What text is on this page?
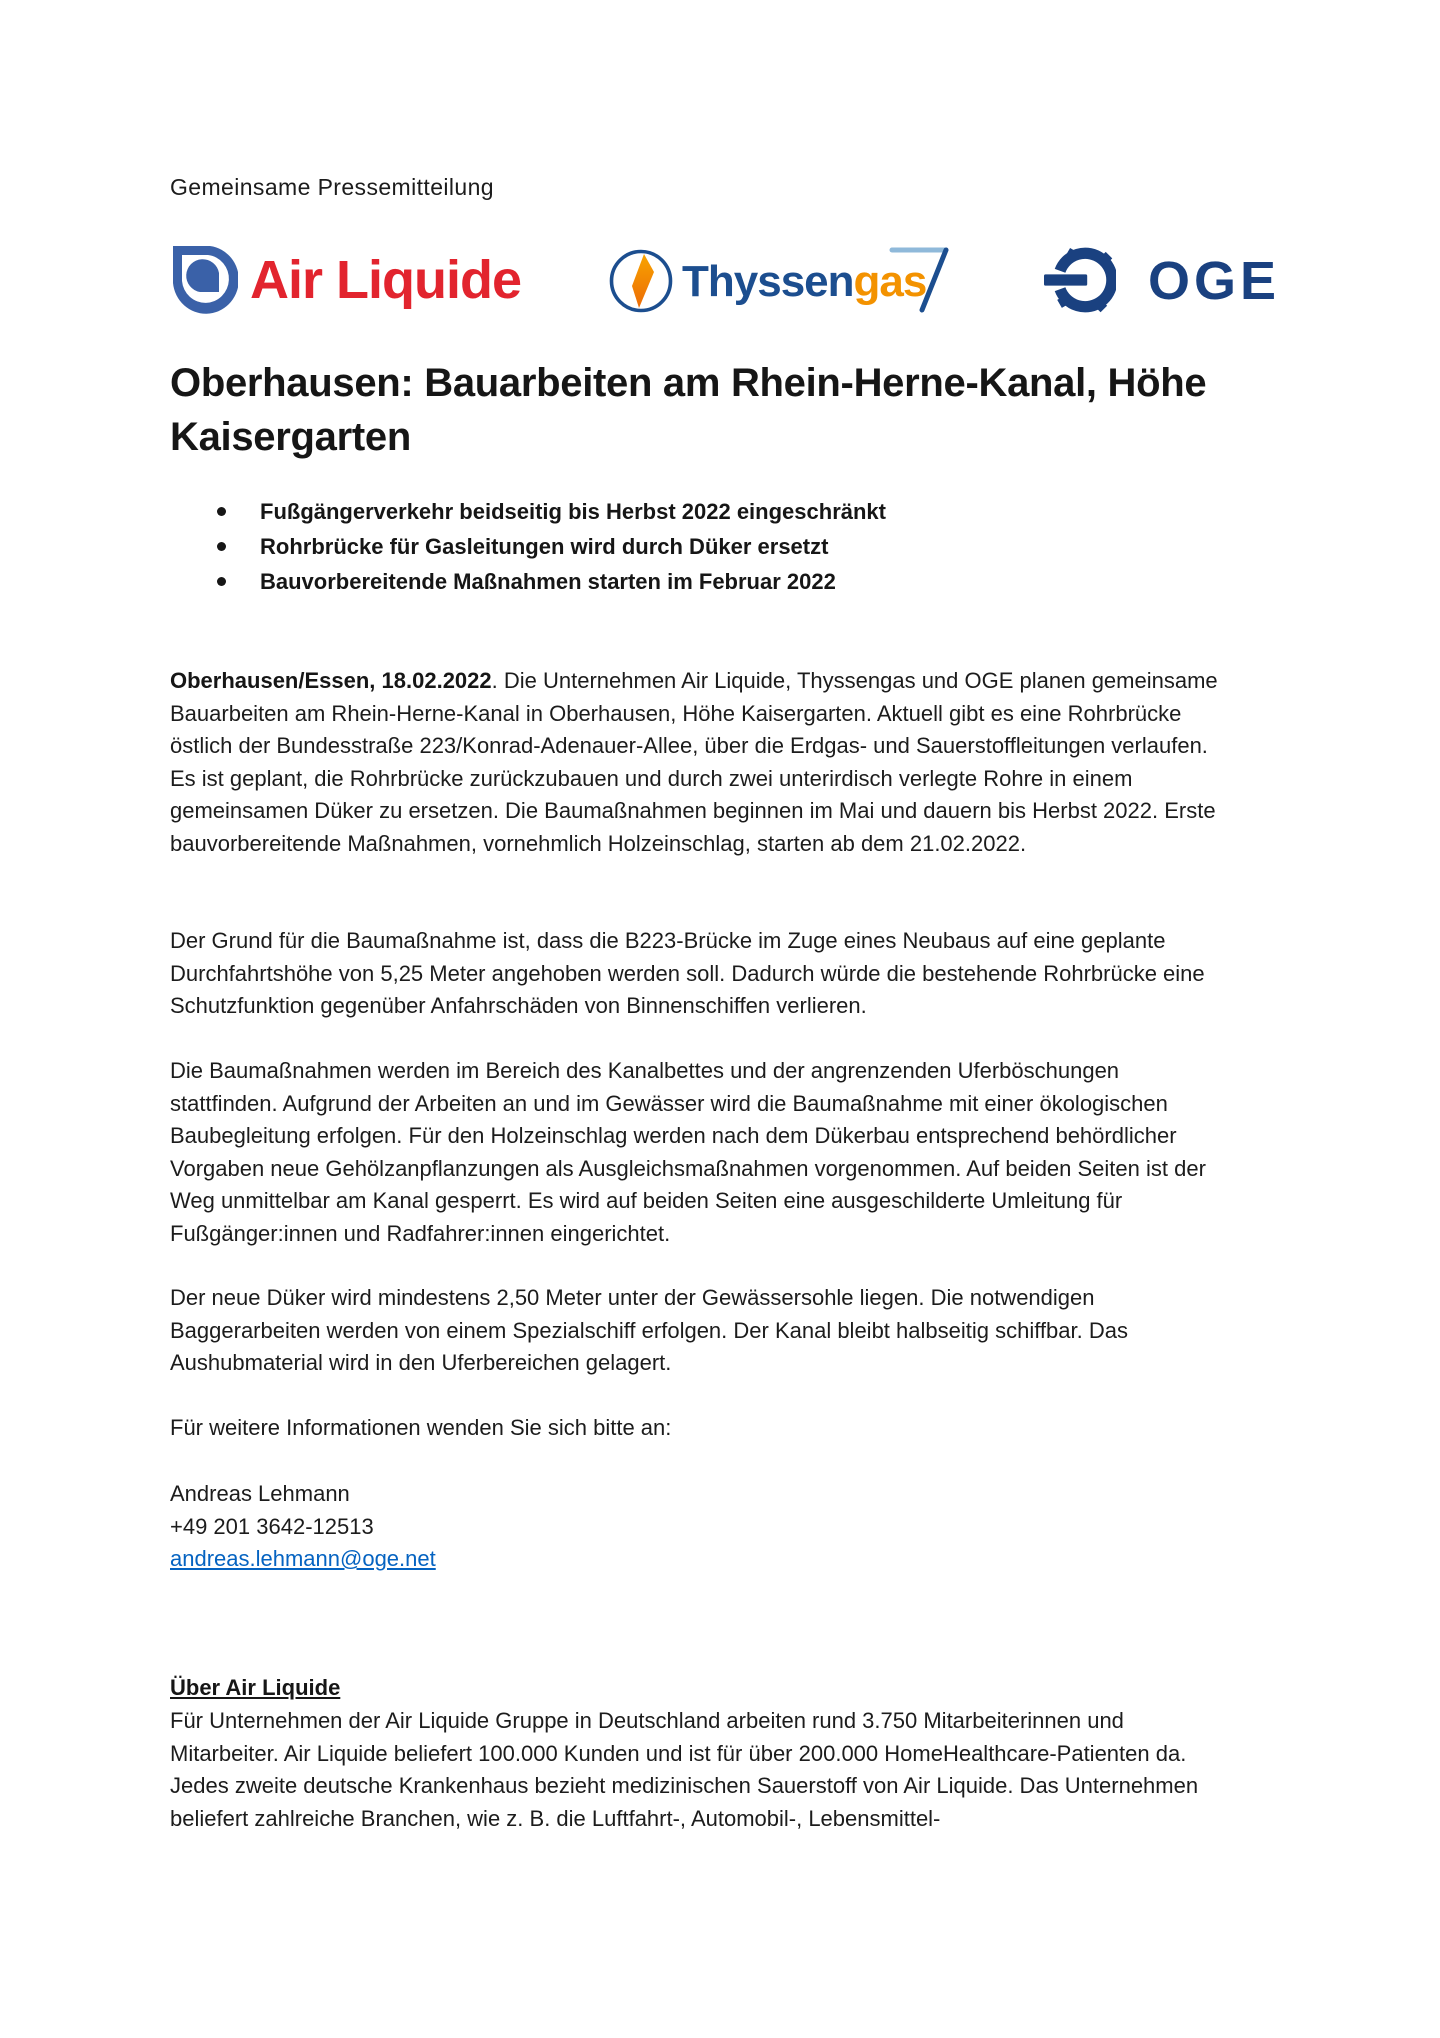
Gemeinsame Pressemitteilung
Air Liquide	Thyssengas	OGE
Oberhausen: Bauarbeiten am Rhein-Herne-Kanal, Höhe Kaisergarten
Fußgängerverkehr beidseitig bis Herbst 2022 eingeschränkt
Rohrbrücke für Gasleitungen wird durch Düker ersetzt
Bauvorbereitende Maßnahmen starten im Februar 2022

Oberhausen/Essen, 18.02.2022. Die Unternehmen Air Liquide, Thyssengas und OGE planen gemeinsame Bauarbeiten am Rhein-Herne-Kanal in Oberhausen, Höhe Kaisergarten. Aktuell gibt es eine Rohrbrücke östlich der Bundesstraße 223/Konrad-Adenauer-Allee, über die Erdgas- und Sauerstoffleitungen verlaufen. Es ist geplant, die Rohrbrücke zurückzubauen und durch zwei unterirdisch verlegte Rohre in einem gemeinsamen Düker zu ersetzen. Die Baumaßnahmen beginnen im Mai und dauern bis Herbst 2022. Erste bauvorbereitende Maßnahmen, vornehmlich Holzeinschlag, starten ab dem 21.02.2022.

Der Grund für die Baumaßnahme ist, dass die B223-Brücke im Zuge eines Neubaus auf eine geplante Durchfahrtshöhe von 5,25 Meter angehoben werden soll. Dadurch würde die bestehende Rohrbrücke eine Schutzfunktion gegenüber Anfahrschäden von Binnenschiffen verlieren.

Die Baumaßnahmen werden im Bereich des Kanalbettes und der angrenzenden Uferböschungen stattfinden. Aufgrund der Arbeiten an und im Gewässer wird die Baumaßnahme mit einer ökologischen Baubegleitung erfolgen. Für den Holzeinschlag werden nach dem Dükerbau entsprechend behördlicher Vorgaben neue Gehölzanpflanzungen als Ausgleichsmaßnahmen vorgenommen. Auf beiden Seiten ist der Weg unmittelbar am Kanal gesperrt. Es wird auf beiden Seiten eine ausgeschilderte Umleitung für Fußgänger:innen und Radfahrer:innen eingerichtet.

Der neue Düker wird mindestens 2,50 Meter unter der Gewässersohle liegen. Die notwendigen Baggerarbeiten werden von einem Spezialschiff erfolgen. Der Kanal bleibt halbseitig schiffbar. Das Aushubmaterial wird in den Uferbereichen gelagert.

Für weitere Informationen wenden Sie sich bitte an:

Andreas Lehmann
+49 201 3642-12513
andreas.lehmann@oge.net
Über Air Liquide

Für Unternehmen der Air Liquide Gruppe in Deutschland arbeiten rund 3.750 Mitarbeiterinnen und Mitarbeiter. Air Liquide beliefert 100.000 Kunden und ist für über 200.000 HomeHealthcare-Patienten da. Jedes zweite deutsche Krankenhaus bezieht medizinischen Sauerstoff von Air Liquide. Das Unternehmen beliefert zahlreiche Branchen, wie z. B. die Luftfahrt-, Automobil-, Lebensmittel-
